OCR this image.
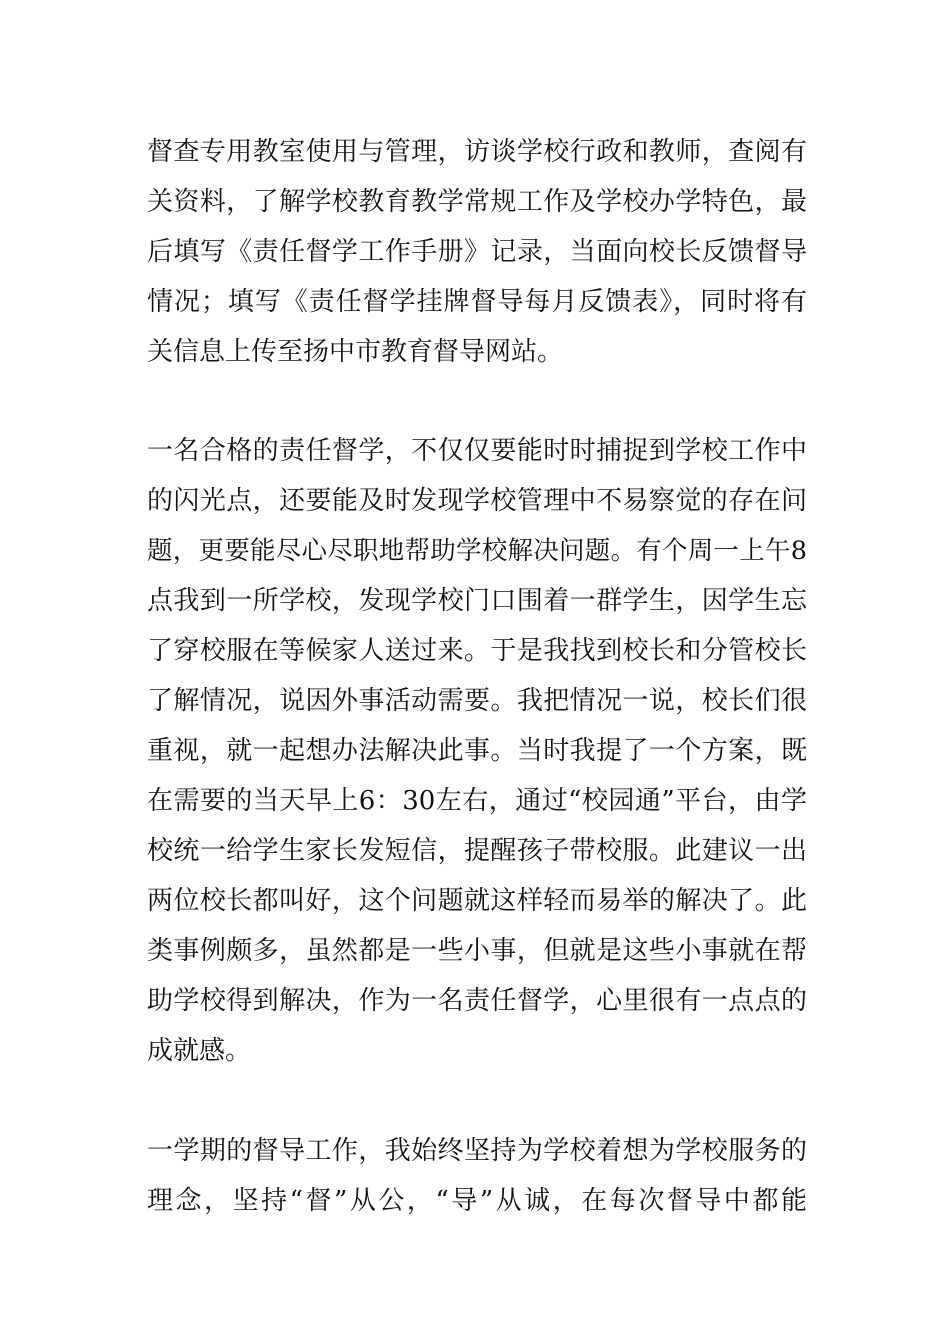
督查专用教室使用与管理，访谈学校行政和教师，查阅有
关资料，了解学校教育教学常规工作及学校办学特色，最
后填写《责任督学工作手册》记录，当面向校长反馈督导
情况；填写《责任督学挂牌督导每月反馈表》，同时将有
关信息上传至扬中市教育督导网站。
一名合格的责任督学，不仅仅要能时时捕捉到学校工作中
的闪光点，还要能及时发现学校管理中不易察觉的存在问
题，更要能尽心尽职地帮助学校解决问题。有个周一上午8
点我到一所学校，发现学校门口围着一群学生，因学生忘
了穿校服在等候家人送过来。于是我找到校长和分管校长
了解情况，说因外事活动需要。我把情况一说，校长们很
重视，就一起想办法解决此事。当时我提了一个方案，既
在需要的当天早上6：30左右，通过“校园通”平台，由学
校统一给学生家长发短信，提醒孩子带校服。此建议一出
两位校长都叫好，这个问题就这样轻而易举的解决了。此
类事例颇多，虽然都是一些小事，但就是这些小事就在帮
助学校得到解决，作为一名责任督学，心里很有一点点的
成就感。
一学期的督导工作，我始终坚持为学校着想为学校服务的
理念，坚持“督”从公，“导”从诚，在每次督导中都能
